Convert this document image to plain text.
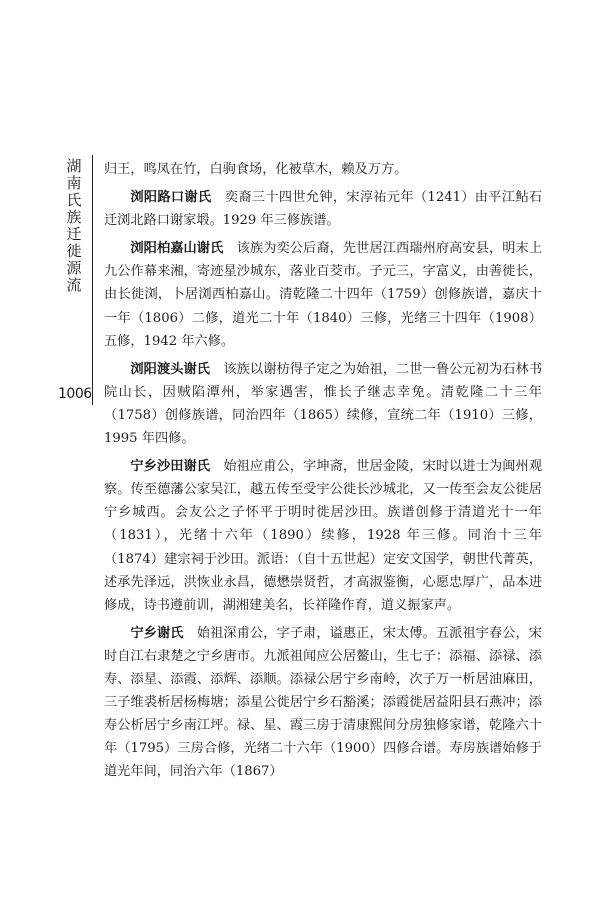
湖南氏族迁徙源流
1006

归王，鸣凤在竹，白驹食场，化被草木，赖及万方。

浏阳路口谢氏  奕裔三十四世允钟，宋淳祐元年（1241）由平江鲇石迁浏北路口谢家塅。1929 年三修族谱。

浏阳柏嘉山谢氏  该族为奕公后裔，先世居江西瑞州府高安县，明末上九公作幕来湘，寄迹星沙城东，落业百茭市。子元三，字富义，由善徙长，由长徙浏，卜居浏西柏嘉山。清乾隆二十四年（1759）创修族谱，嘉庆十一年（1806）二修，道光二十年（1840）三修，光绪三十四年（1908）五修，1942 年六修。

浏阳渡头谢氏  该族以谢枋得子定之为始祖，二世一鲁公元初为石林书院山长，因贼陷潭州，举家遇害，惟长子继志幸免。清乾隆二十三年（1758）创修族谱，同治四年（1865）续修，宣统二年（1910）三修，1995 年四修。

宁乡沙田谢氏  始祖应甫公，字坤斋，世居金陵，宋时以进士为闽州观察。传至德藩公家吴江，越五传至受宇公徙长沙城北，又一传至会友公徙居宁乡城西。会友公之子怀平于明时徙居沙田。族谱创修于清道光十一年（1831），光绪十六年（1890）续修，1928 年三修。同治十三年（1874）建宗祠于沙田。派语：（自十五世起）定安文国学，朝世代菁英，述承先泽远，洪恢业永昌，德懋崇贤哲，才高淑鉴衡，心愿忠厚广，品本进修成，诗书遵前训，湖湘建美名，长祥隆作育，道义振家声。

宁乡谢氏  始祖深甫公，字子肃，谥惠正，宋太傅。五派祖宇春公，宋时自江右隶楚之宁乡唐市。九派祖闻应公居鳌山，生七子：添福、添禄、添寿、添星、添霞、添辉、添顺。添禄公居宁乡南岭，次子万一析居油麻田，三子维裘析居杨梅塘；添星公徙居宁乡石豁溪；添霞徙居益阳县石燕冲；添寿公析居宁乡南江坪。禄、星、霞三房于清康熙间分房独修家谱，乾隆六十年（1795）三房合修，光绪二十六年（1900）四修合谱。寿房族谱始修于道光年间，同治六年（1867）
